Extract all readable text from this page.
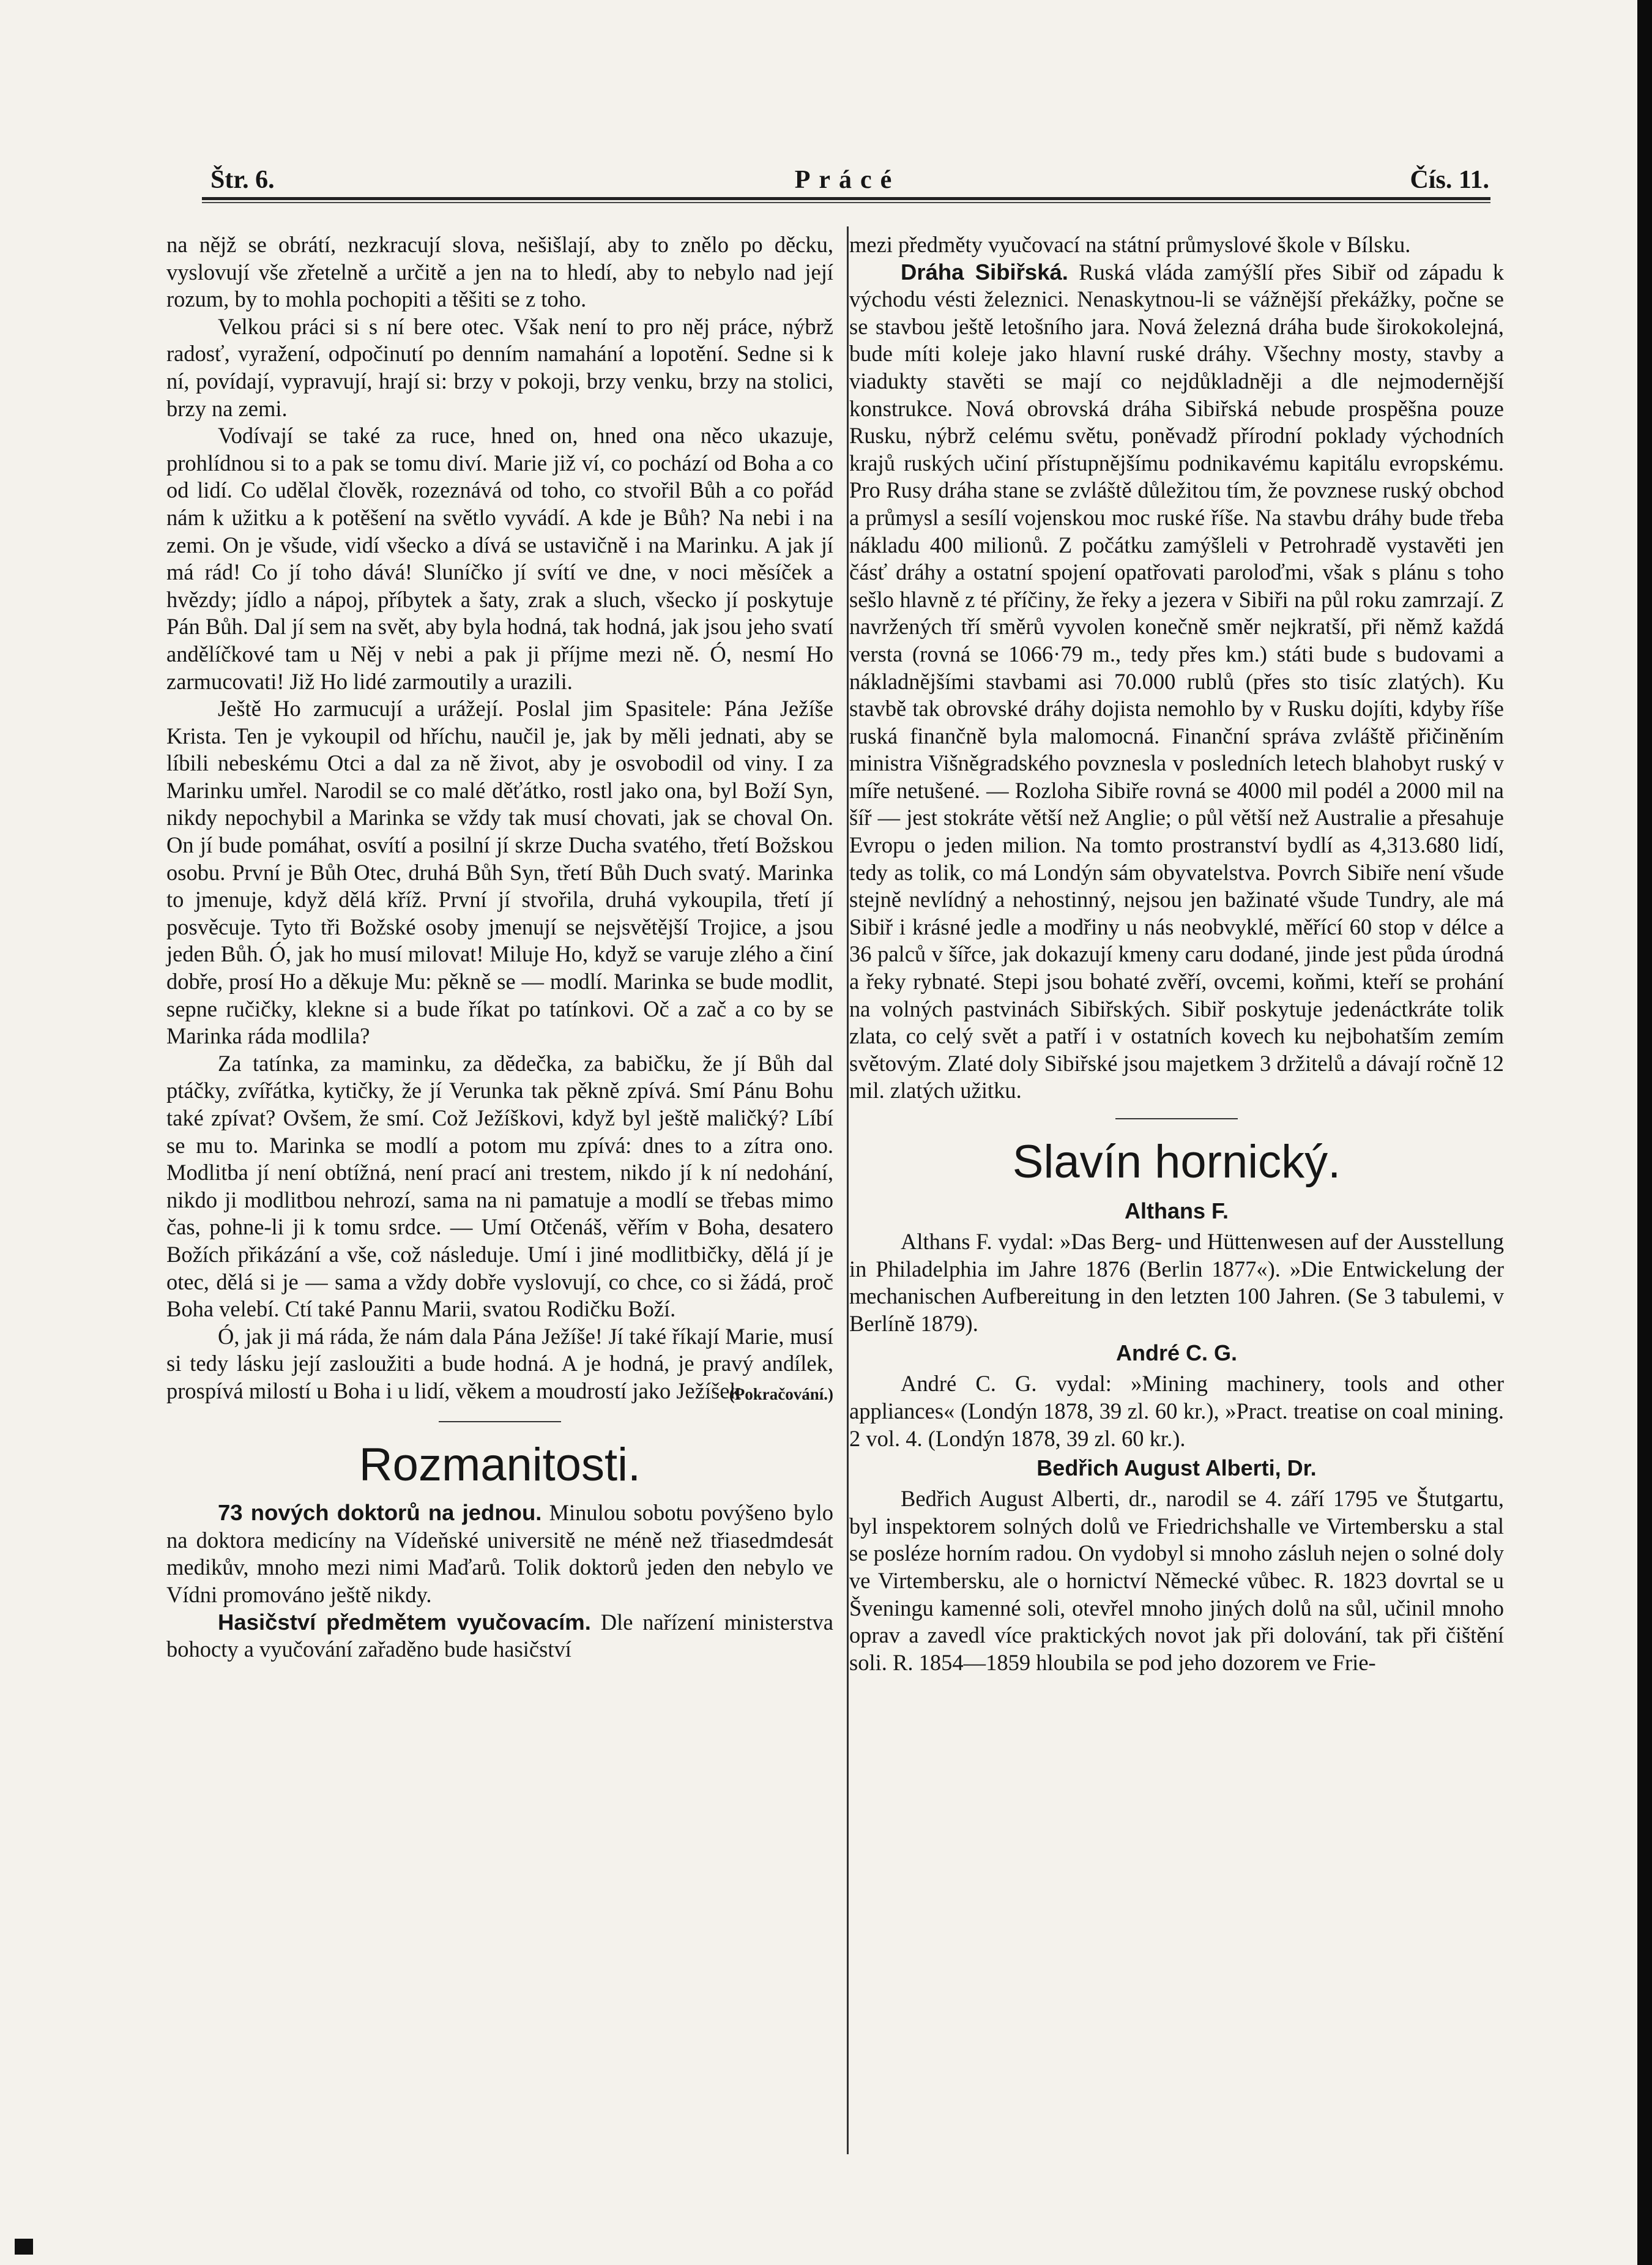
Štr. 6.	Prácé	Čís. 11.

na nějž se obrátí, nezkracují slova, nešišlají, aby to znělo po děcku, vyslovují vše zřetelně a určitě a jen na to hledí, aby to nebylo nad její rozum, by to mohla pochopiti a těšiti se z toho.

Velkou práci si s ní bere otec. Však není to pro něj práce, nýbrž radosť, vyražení, odpočinutí po denním namahání a lopotění. Sedne si k ní, povídají, vypravují, hrají si: brzy v pokoji, brzy venku, brzy na stolici, brzy na zemi.

Vodívají se také za ruce, hned on, hned ona něco ukazuje, prohlídnou si to a pak se tomu diví. Marie již ví, co pochází od Boha a co od lidí. Co udělal člověk, rozeznává od toho, co stvořil Bůh a co pořád nám k užitku a k potěšení na světlo vyvádí. A kde je Bůh? Na nebi i na zemi. On je všude, vidí všecko a dívá se ustavičně i na Marinku. A jak jí má rád! Co jí toho dává! Sluníčko jí svítí ve dne, v noci měsíček a hvězdy; jídlo a nápoj, příbytek a šaty, zrak a sluch, všecko jí poskytuje Pán Bůh. Dal jí sem na svět, aby byla hodná, tak hodná, jak jsou jeho svatí andělíčkové tam u Něj v nebi a pak ji příjme mezi ně. Ó, nesmí Ho zarmucovati! Již Ho lidé zarmoutily a urazili.

Ještě Ho zarmucují a urážejí. Poslal jim Spasitele: Pána Ježíše Krista. Ten je vykoupil od hříchu, naučil je, jak by měli jednati, aby se líbili nebeskému Otci a dal za ně život, aby je osvobodil od viny. I za Marinku umřel. Narodil se co malé děťátko, rostl jako ona, byl Boží Syn, nikdy nepochybil a Marinka se vždy tak musí chovati, jak se choval On. On jí bude pomáhat, osvítí a posilní jí skrze Ducha svatého, třetí Božskou osobu. První je Bůh Otec, druhá Bůh Syn, třetí Bůh Duch svatý. Marinka to jmenuje, když dělá kříž. První jí stvořila, druhá vykoupila, třetí jí posvěcuje. Tyto tři Božské osoby jmenují se nejsvětější Trojice, a jsou jeden Bůh. Ó, jak ho musí milovat! Miluje Ho, když se varuje zlého a činí dobře, prosí Ho a děkuje Mu: pěkně se — modlí. Marinka se bude modlit, sepne ručičky, klekne si a bude říkat po tatínkovi. Oč a zač a co by se Marinka ráda modlila?

Za tatínka, za maminku, za dědečka, za babičku, že jí Bůh dal ptáčky, zvířátka, kytičky, že jí Verunka tak pěkně zpívá. Smí Pánu Bohu také zpívat? Ovšem, že smí. Což Ježíškovi, když byl ještě maličký? Líbí se mu to. Marinka se modlí a potom mu zpívá: dnes to a zítra ono. Modlitba jí není obtížná, není prací ani trestem, nikdo jí k ní nedohání, nikdo ji modlitbou nehrozí, sama na ni pamatuje a modlí se třebas mimo čas, pohne-li ji k tomu srdce. — Umí Otčenáš, věřím v Boha, desatero Božích přikázání a vše, což následuje. Umí i jiné modlitbičky, dělá jí je otec, dělá si je — sama a vždy dobře vyslovují, co chce, co si žádá, proč Boha velebí. Ctí také Pannu Marii, svatou Rodičku Boží.

Ó, jak ji má ráda, že nám dala Pána Ježíše! Jí také říkají Marie, musí si tedy lásku její zasloužiti a bude hodná. A je hodná, je pravý andílek, prospívá milostí u Boha i u lidí, věkem a moudrostí jako Ježíšek

(Pokračování.)
Rozmanitosti.

73 nových doktorů na jednou. Minulou sobotu povýšeno bylo na doktora medicíny na Vídeňské universitě ne méně než třiasedmdesát medikův, mnoho mezi nimi Maďarů. Tolik doktorů jeden den nebylo ve Vídni promováno ještě nikdy.

Hasičství předmětem vyučovacím. Dle nařízení ministerstva bohocty a vyučování zařaděno bude hasičství

mezi předměty vyučovací na státní průmyslové škole v Bílsku.

Dráha Sibiřská. Ruská vláda zamýšlí přes Sibiř od západu k východu vésti železnici. Nenaskytnou-li se vážnější překážky, počne se se stavbou ještě letošního jara. Nová železná dráha bude širokokolejná, bude míti koleje jako hlavní ruské dráhy. Všechny mosty, stavby a viadukty stavěti se mají co nejdůkladněji a dle nejmodernější konstrukce. Nová obrovská dráha Sibiřská nebude prospěšna pouze Rusku, nýbrž celému světu, poněvadž přírodní poklady východních krajů ruských učiní přístupnějšímu podnikavému kapitálu evropskému. Pro Rusy dráha stane se zvláště důležitou tím, že povznese ruský obchod a průmysl a sesílí vojenskou moc ruské říše. Na stavbu dráhy bude třeba nákladu 400 milionů. Z počátku zamýšleli v Petrohradě vystavěti jen čásť dráhy a ostatní spojení opatřovati paroloďmi, však s plánu s toho sešlo hlavně z té příčiny, že řeky a jezera v Sibiři na půl roku zamrzají. Z navržených tří směrů vyvolen konečně směr nejkratší, při němž každá versta (rovná se 1066·79 m., tedy přes km.) státi bude s budovami a nákladnějšími stavbami asi 70.000 rublů (přes sto tisíc zlatých). Ku stavbě tak obrovské dráhy dojista nemohlo by v Rusku dojíti, kdyby říše ruská finančně byla malomocná. Finanční správa zvláště přičiněním ministra Višněgradského povznesla v posledních letech blahobyt ruský v míře netušené. — Rozloha Sibiře rovná se 4000 mil podél a 2000 mil na šíř — jest stokráte větší než Anglie; o půl větší než Australie a přesahuje Evropu o jeden milion. Na tomto prostranství bydlí as 4,313.680 lidí, tedy as tolik, co má Londýn sám obyvatelstva. Povrch Sibiře není všude stejně nevlídný a nehostinný, nejsou jen bažinaté všude Tundry, ale má Sibiř i krásné jedle a modřiny u nás neobvyklé, měřící 60 stop v délce a 36 palců v šířce, jak dokazují kmeny caru dodané, jinde jest půda úrodná a řeky rybnaté. Stepi jsou bohaté zvěří, ovcemi, koňmi, kteří se prohání na volných pastvinách Sibiřských. Sibiř poskytuje jedenáctkráte tolik zlata, co celý svět a patří i v ostatních kovech ku nejbohatším zemím světovým. Zlaté doly Sibiřské jsou majetkem 3 držitelů a dávají ročně 12 mil. zlatých užitku.

Slavín hornický.
Althans F.

Althans F. vydal: »Das Berg- und Hüttenwesen auf der Ausstellung in Philadelphia im Jahre 1876 (Berlin 1877«). »Die Entwickelung der mechanischen Aufbereitung in den letzten 100 Jahren. (Se 3 tabulemi, v Berlíně 1879).

André C. G.

André C. G. vydal: »Mining machinery, tools and other appliances« (Londýn 1878, 39 zl. 60 kr.), »Pract. treatise on coal mining. 2 vol. 4. (Londýn 1878, 39 zl. 60 kr.).

Bedřich August Alberti, Dr.

Bedřich August Alberti, dr., narodil se 4. září 1795 ve Štutgartu, byl inspektorem solných dolů ve Friedrichshalle ve Virtembersku a stal se posléze horním radou. On vydobyl si mnoho zásluh nejen o solné doly ve Virtembersku, ale o hornictví Německé vůbec. R. 1823 dovrtal se u Šveningu kamenné soli, otevřel mnoho jiných dolů na sůl, učinil mnoho oprav a zavedl více praktických novot jak při dolování, tak při čištění soli. R. 1854—1859 hloubila se pod jeho dozorem ve Frie-
